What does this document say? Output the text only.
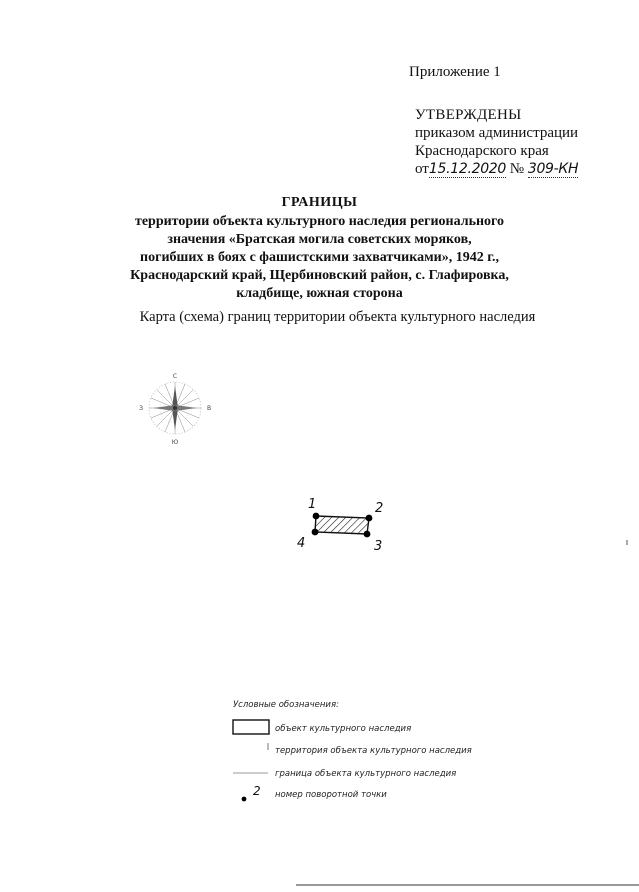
Приложение 1
УТВЕРЖДЕНЫ
приказом администрации
Краснодарского края
от15.12.2020 № 309-КН
ГРАНИЦЫ
территории объекта культурного наследия регионального
значения «Братская могила советских моряков,
погибших в боях с фашистскими захватчиками», 1942 г.,
Краснодарский край, Щербиновский район, с. Глафировка,
кладбище, южная сторона
Карта (схема) границ территории объекта культурного наследия
С
В
Ю
З
1	2
3
4
Условные обозначения:
объект культурного наследия
территория объекта культурного наследия
граница объекта культурного наследия
2 номер поворотной точки
